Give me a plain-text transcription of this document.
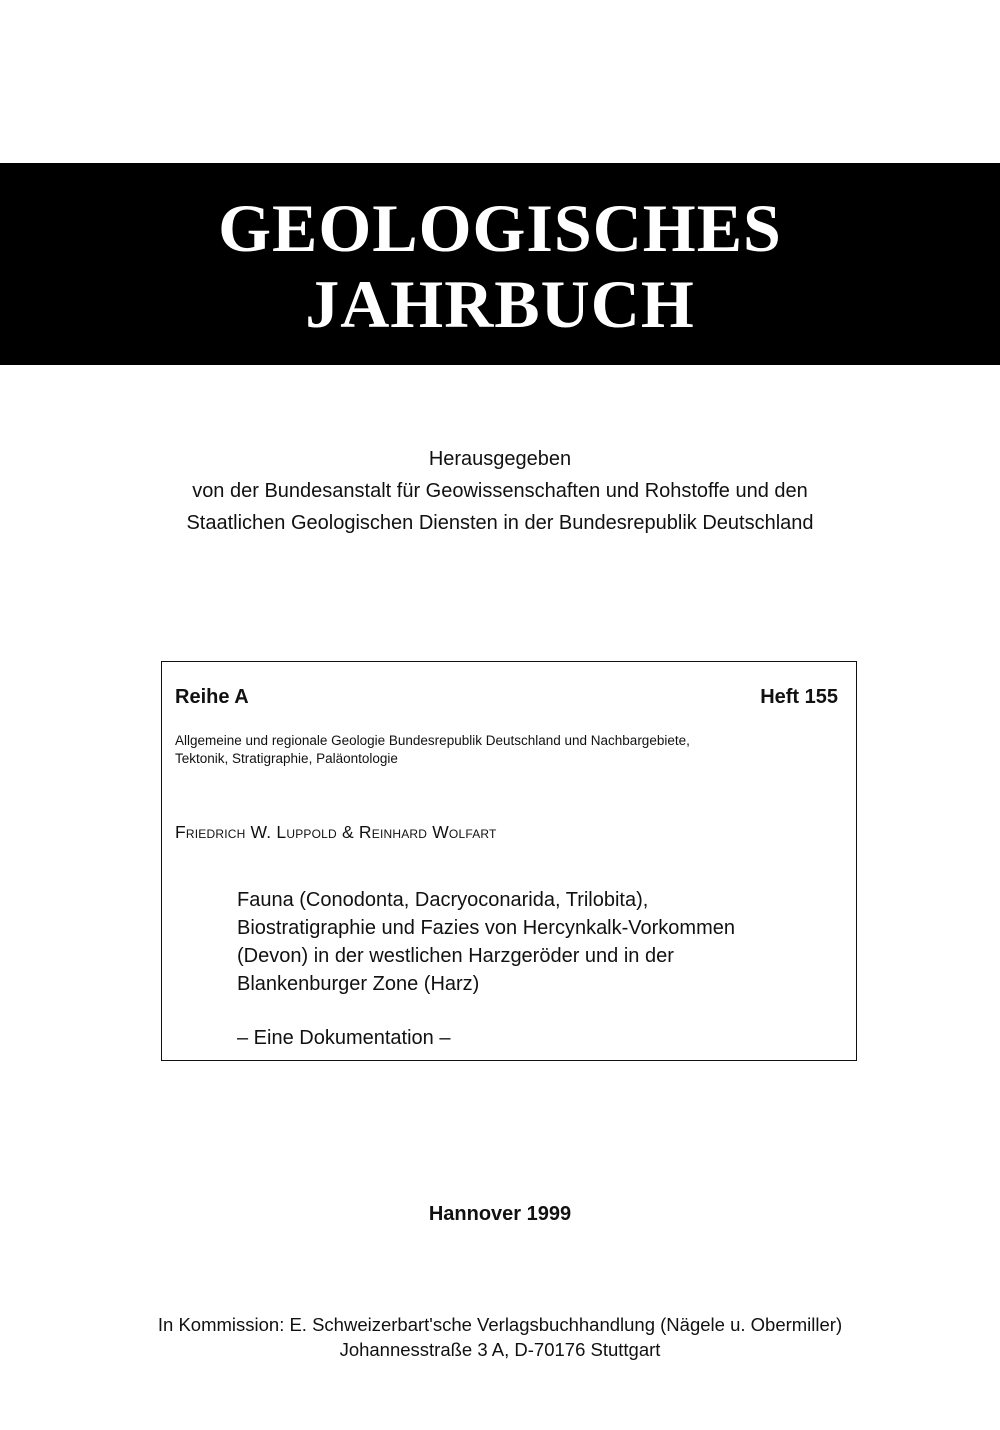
GEOLOGISCHES
JAHRBUCH
Herausgegeben
von der Bundesanstalt für Geowissenschaften und Rohstoffe und den
Staatlichen Geologischen Diensten in der Bundesrepublik Deutschland
Reihe A	Heft 155
Allgemeine und regionale Geologie Bundesrepublik Deutschland und Nachbargebiete,
Tektonik, Stratigraphie, Paläontologie
Friedrich W. Luppold & Reinhard Wolfart
Fauna (Conodonta, Dacryoconarida, Trilobita),
Biostratigraphie und Fazies von Hercynkalk-Vorkommen
(Devon) in der westlichen Harzgeröder und in der
Blankenburger Zone (Harz)
– Eine Dokumentation –
Hannover 1999
In Kommission: E. Schweizerbart'sche Verlagsbuchhandlung (Nägele u. Obermiller)
Johannesstraße 3 A, D-70176 Stuttgart
